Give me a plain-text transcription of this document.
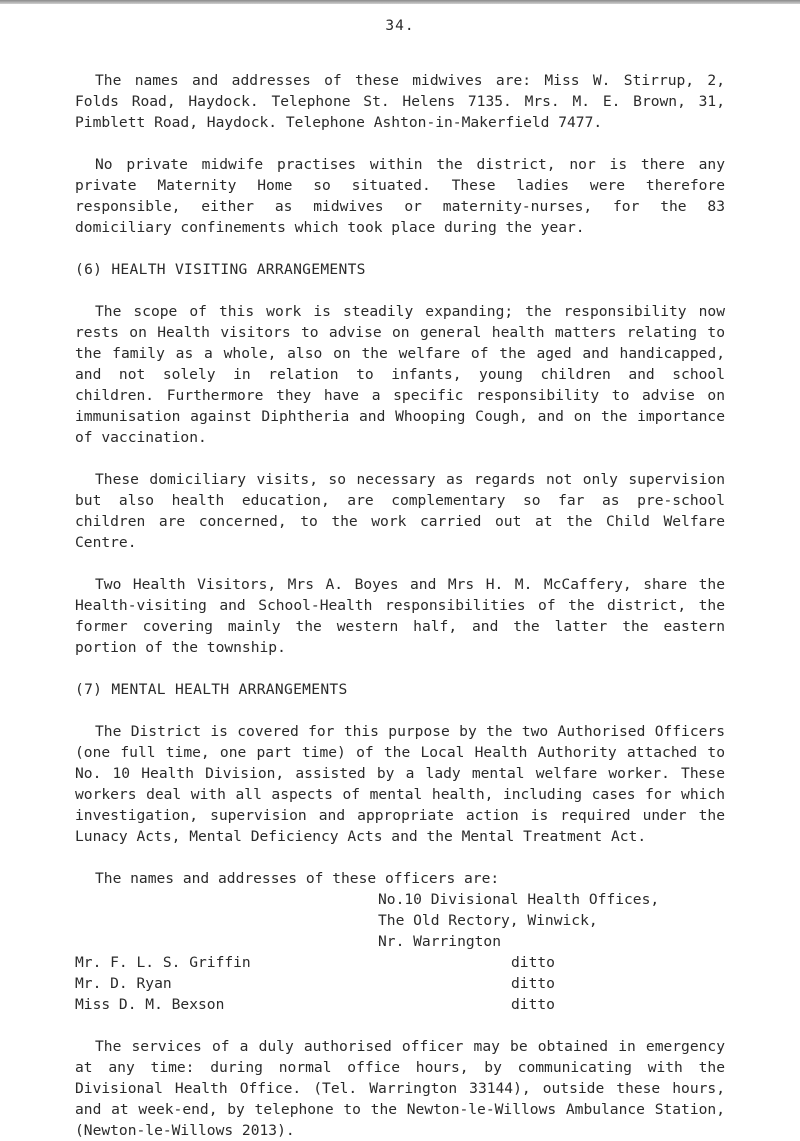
34.

The names and addresses of these midwives are: Miss W. Stirrup, 2, Folds Road, Haydock. Telephone St. Helens 7135. Mrs. M. E. Brown, 31, Pimblett Road, Haydock. Telephone Ashton-in-Makerfield 7477.

No private midwife practises within the district, nor is there any private Maternity Home so situated. These ladies were therefore responsible, either as midwives or maternity-nurses, for the 83 domiciliary confinements which took place during the year.

(6) HEALTH VISITING ARRANGEMENTS

The scope of this work is steadily expanding; the responsibility now rests on Health visitors to advise on general health matters relating to the family as a whole, also on the welfare of the aged and handicapped, and not solely in relation to infants, young children and school children. Furthermore they have a specific responsibility to advise on immunisation against Diphtheria and Whooping Cough, and on the importance of vaccination.

These domiciliary visits, so necessary as regards not only supervision but also health education, are complementary so far as pre-school children are concerned, to the work carried out at the Child Welfare Centre.

Two Health Visitors, Mrs A. Boyes and Mrs H. M. McCaffery, share the Health-visiting and School-Health responsibilities of the district, the former covering mainly the western half, and the latter the eastern portion of the township.

(7) MENTAL HEALTH ARRANGEMENTS

The District is covered for this purpose by the two Authorised Officers (one full time, one part time) of the Local Health Authority attached to No. 10 Health Division, assisted by a lady mental welfare worker. These workers deal with all aspects of mental health, including cases for which investigation, supervision and appropriate action is required under the Lunacy Acts, Mental Deficiency Acts and the Mental Treatment Act.

The names and addresses of these officers are:

No.10 Divisional Health Offices,

The Old Rectory, Winwick,

Nr. Warrington

Mr. F. L. S. Griffin	ditto
Mr. D. Ryan	ditto
Miss D. M. Bexson	ditto

The services of a duly authorised officer may be obtained in emergency at any time: during normal office hours, by communicating with the Divisional Health Office. (Tel. Warrington 33144), outside these hours, and at week-end, by telephone to the Newton-le-Willows Ambulance Station, (Newton-le-Willows 2013).
